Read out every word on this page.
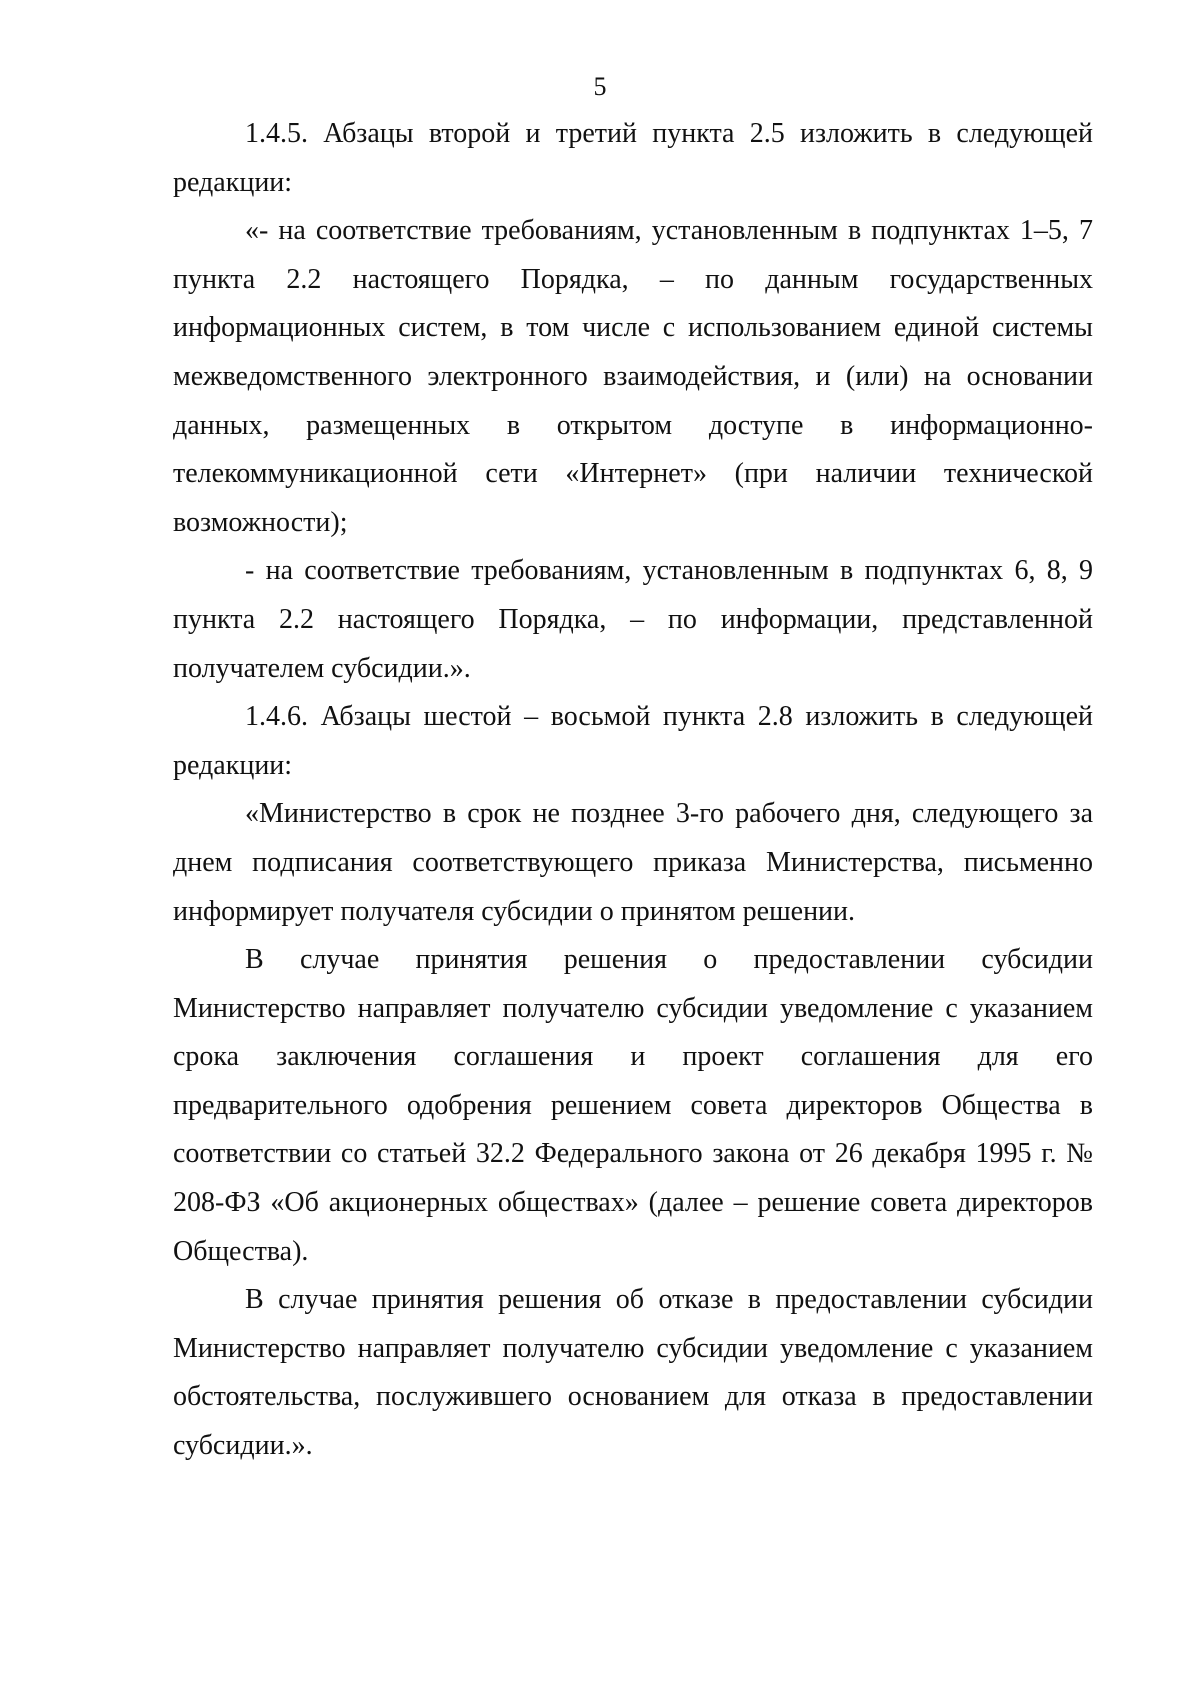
5

1.4.5. Абзацы второй и третий пункта 2.5 изложить в следующей редакции:

«- на соответствие требованиям, установленным в подпунктах 1–5, 7 пункта 2.2 настоящего Порядка, – по данным государственных информационных систем, в том числе с использованием единой системы межведомственного электронного взаимодействия, и (или) на основании данных, размещенных в открытом доступе в информационно-телекоммуникационной сети «Интернет» (при наличии технической возможности);

- на соответствие требованиям, установленным в подпунктах 6, 8, 9 пункта 2.2 настоящего Порядка, – по информации, представленной получателем субсидии.».

1.4.6. Абзацы шестой – восьмой пункта 2.8 изложить в следующей редакции:

«Министерство в срок не позднее 3-го рабочего дня, следующего за днем подписания соответствующего приказа Министерства, письменно информирует получателя субсидии о принятом решении.

В случае принятия решения о предоставлении субсидии Министерство направляет получателю субсидии уведомление с указанием срока заключения соглашения и проект соглашения для его предварительного одобрения решением совета директоров Общества в соответствии со статьей 32.2 Федерального закона от 26 декабря 1995 г. № 208-ФЗ «Об акционерных обществах» (далее – решение совета директоров Общества).

В случае принятия решения об отказе в предоставлении субсидии Министерство направляет получателю субсидии уведомление с указанием обстоятельства, послужившего основанием для отказа в предоставлении субсидии.».
